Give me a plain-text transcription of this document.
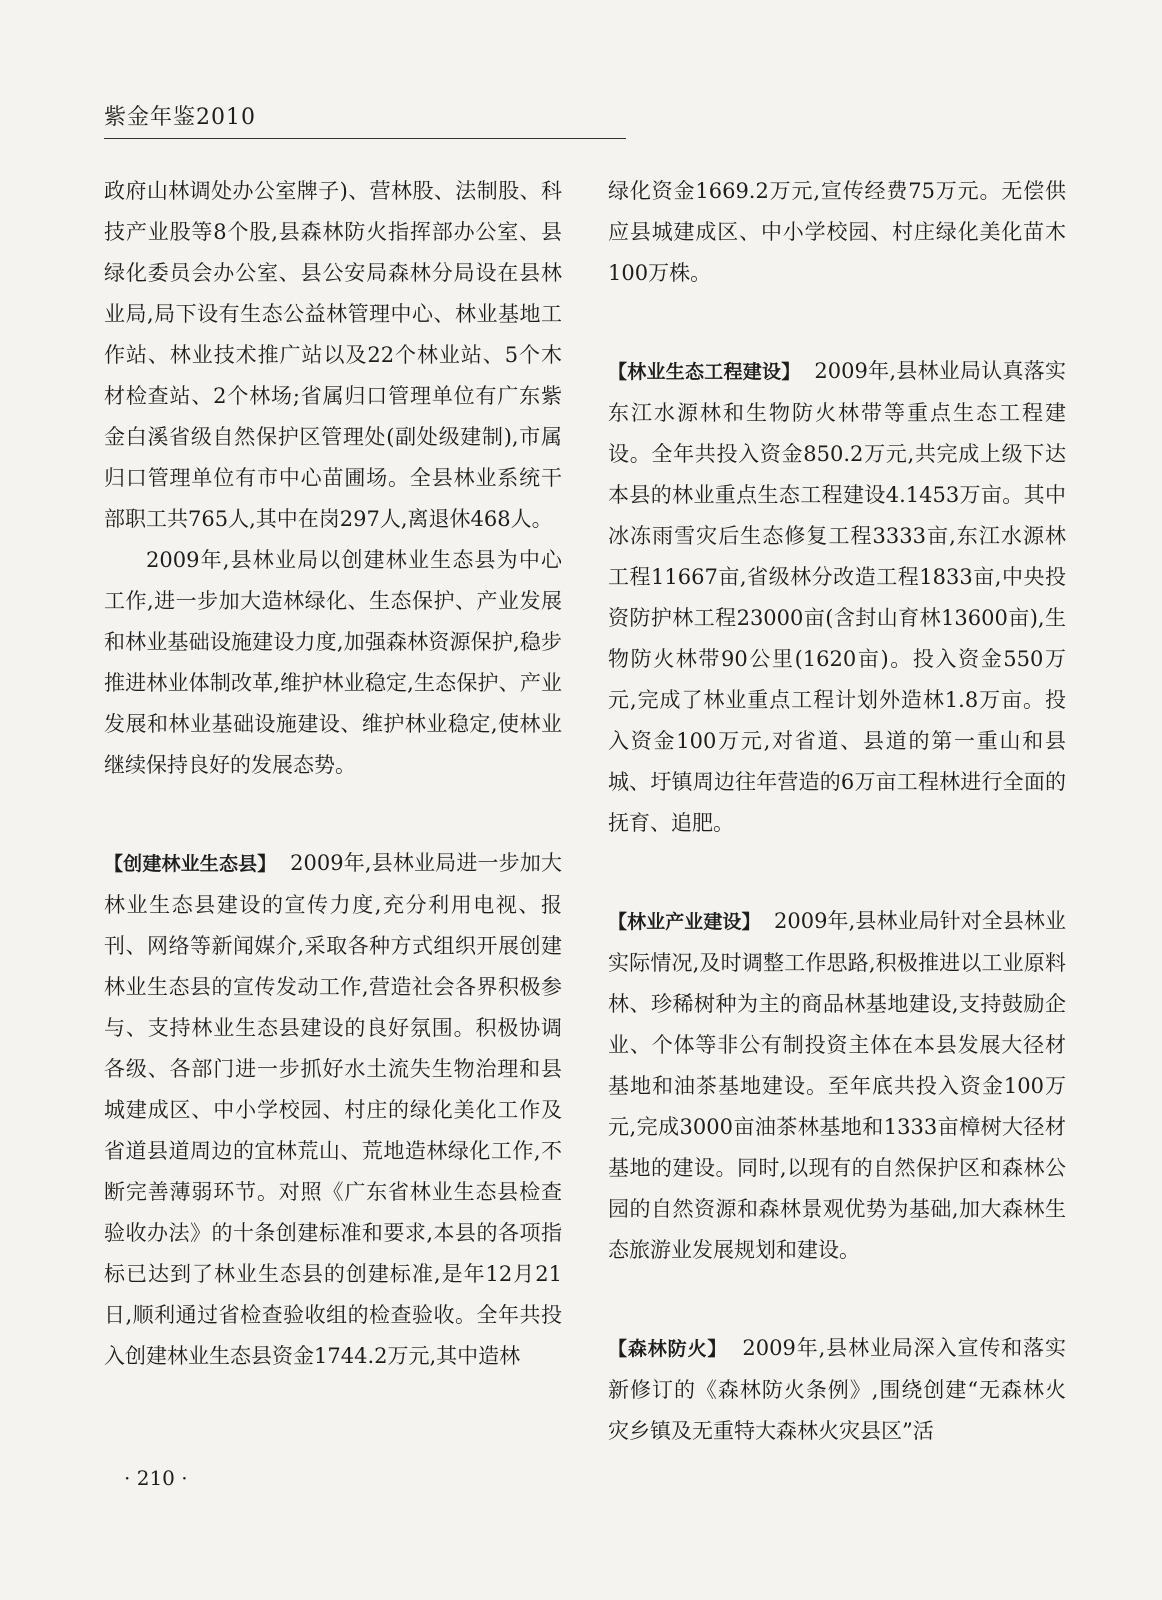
紫金年鉴2010

政府山林调处办公室牌子)、营林股、法制股、科技产业股等8个股,县森林防火指挥部办公室、县绿化委员会办公室、县公安局森林分局设在县林业局,局下设有生态公益林管理中心、林业基地工作站、林业技术推广站以及22个林业站、5个木材检查站、2个林场;省属归口管理单位有广东紫金白溪省级自然保护区管理处(副处级建制),市属归口管理单位有市中心苗圃场。全县林业系统干部职工共765人,其中在岗297人,离退休468人。

2009年,县林业局以创建林业生态县为中心工作,进一步加大造林绿化、生态保护、产业发展和林业基础设施建设力度,加强森林资源保护,稳步推进林业体制改革,维护林业稳定,生态保护、产业发展和林业基础设施建设、维护林业稳定,使林业继续保持良好的发展态势。

【创建林业生态县】 2009年,县林业局进一步加大林业生态县建设的宣传力度,充分利用电视、报刊、网络等新闻媒介,采取各种方式组织开展创建林业生态县的宣传发动工作,营造社会各界积极参与、支持林业生态县建设的良好氛围。积极协调各级、各部门进一步抓好水土流失生物治理和县城建成区、中小学校园、村庄的绿化美化工作及省道县道周边的宜林荒山、荒地造林绿化工作,不断完善薄弱环节。对照《广东省林业生态县检查验收办法》的十条创建标准和要求,本县的各项指标已达到了林业生态县的创建标准,是年12月21日,顺利通过省检查验收组的检查验收。全年共投入创建林业生态县资金1744.2万元,其中造林

绿化资金1669.2万元,宣传经费75万元。无偿供应县城建成区、中小学校园、村庄绿化美化苗木100万株。

【林业生态工程建设】 2009年,县林业局认真落实东江水源林和生物防火林带等重点生态工程建设。全年共投入资金850.2万元,共完成上级下达本县的林业重点生态工程建设4.1453万亩。其中冰冻雨雪灾后生态修复工程3333亩,东江水源林工程11667亩,省级林分改造工程1833亩,中央投资防护林工程23000亩(含封山育林13600亩),生物防火林带90公里(1620亩)。投入资金550万元,完成了林业重点工程计划外造林1.8万亩。投入资金100万元,对省道、县道的第一重山和县城、圩镇周边往年营造的6万亩工程林进行全面的抚育、追肥。

【林业产业建设】 2009年,县林业局针对全县林业实际情况,及时调整工作思路,积极推进以工业原料林、珍稀树种为主的商品林基地建设,支持鼓励企业、个体等非公有制投资主体在本县发展大径材基地和油茶基地建设。至年底共投入资金100万元,完成3000亩油茶林基地和1333亩樟树大径材基地的建设。同时,以现有的自然保护区和森林公园的自然资源和森林景观优势为基础,加大森林生态旅游业发展规划和建设。

【森林防火】 2009年,县林业局深入宣传和落实新修订的《森林防火条例》,围绕创建“无森林火灾乡镇及无重特大森林火灾县区”活

· 210 ·
